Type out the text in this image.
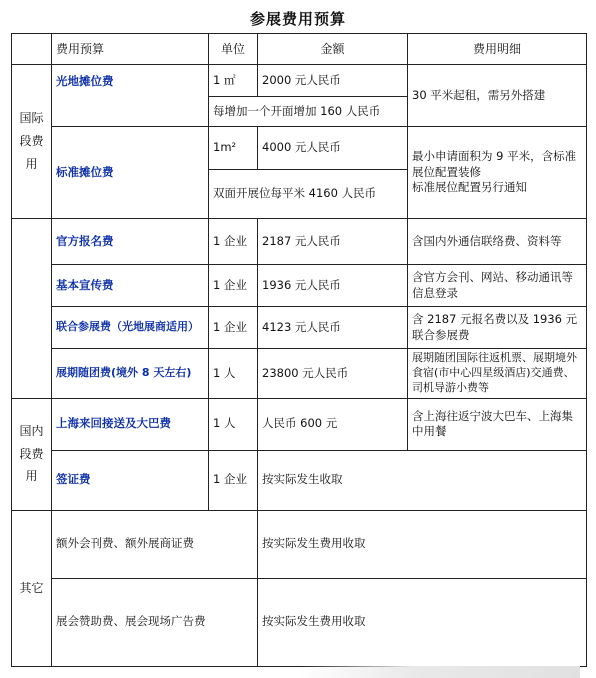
参展费用预算
	费用预算	单位	金额	费用明细
国际
段费
用	光地摊位费	1 ㎡	2000 元人民币	30 平米起租，需另外搭建
		每增加一个开面增加 160 人民币		
	标准摊位费	1m²	4000 元人民币	最小申请面积为 9 平米，含标准展位配置装修
标准展位配置另行通知
		双面开展位每平米 4160 人民币		
	官方报名费	1 企业	2187 元人民币	含国内外通信联络费、资料等
	基本宣传费	1 企业	1936 元人民币	含官方会刊、网站、移动通讯等信息登录
	联合参展费（光地展商适用）	1 企业	4123 元人民币	含 2187 元报名费以及 1936 元联合参展费
	展期随团费(境外 8 天左右)	1 人	23800 元人民币	展期随团国际往返机票、展期境外食宿(市中心四星级酒店)交通费、司机导游小费等
国内
段费
用	上海来回接送及大巴费	1 人	人民币 600 元	含上海往返宁波大巴车、上海集中用餐
	签证费	1 企业	按实际发生收取	
其它	额外会刊费、额外展商证费		按实际发生费用收取	
	展会赞助费、展会现场广告费		按实际发生费用收取	
